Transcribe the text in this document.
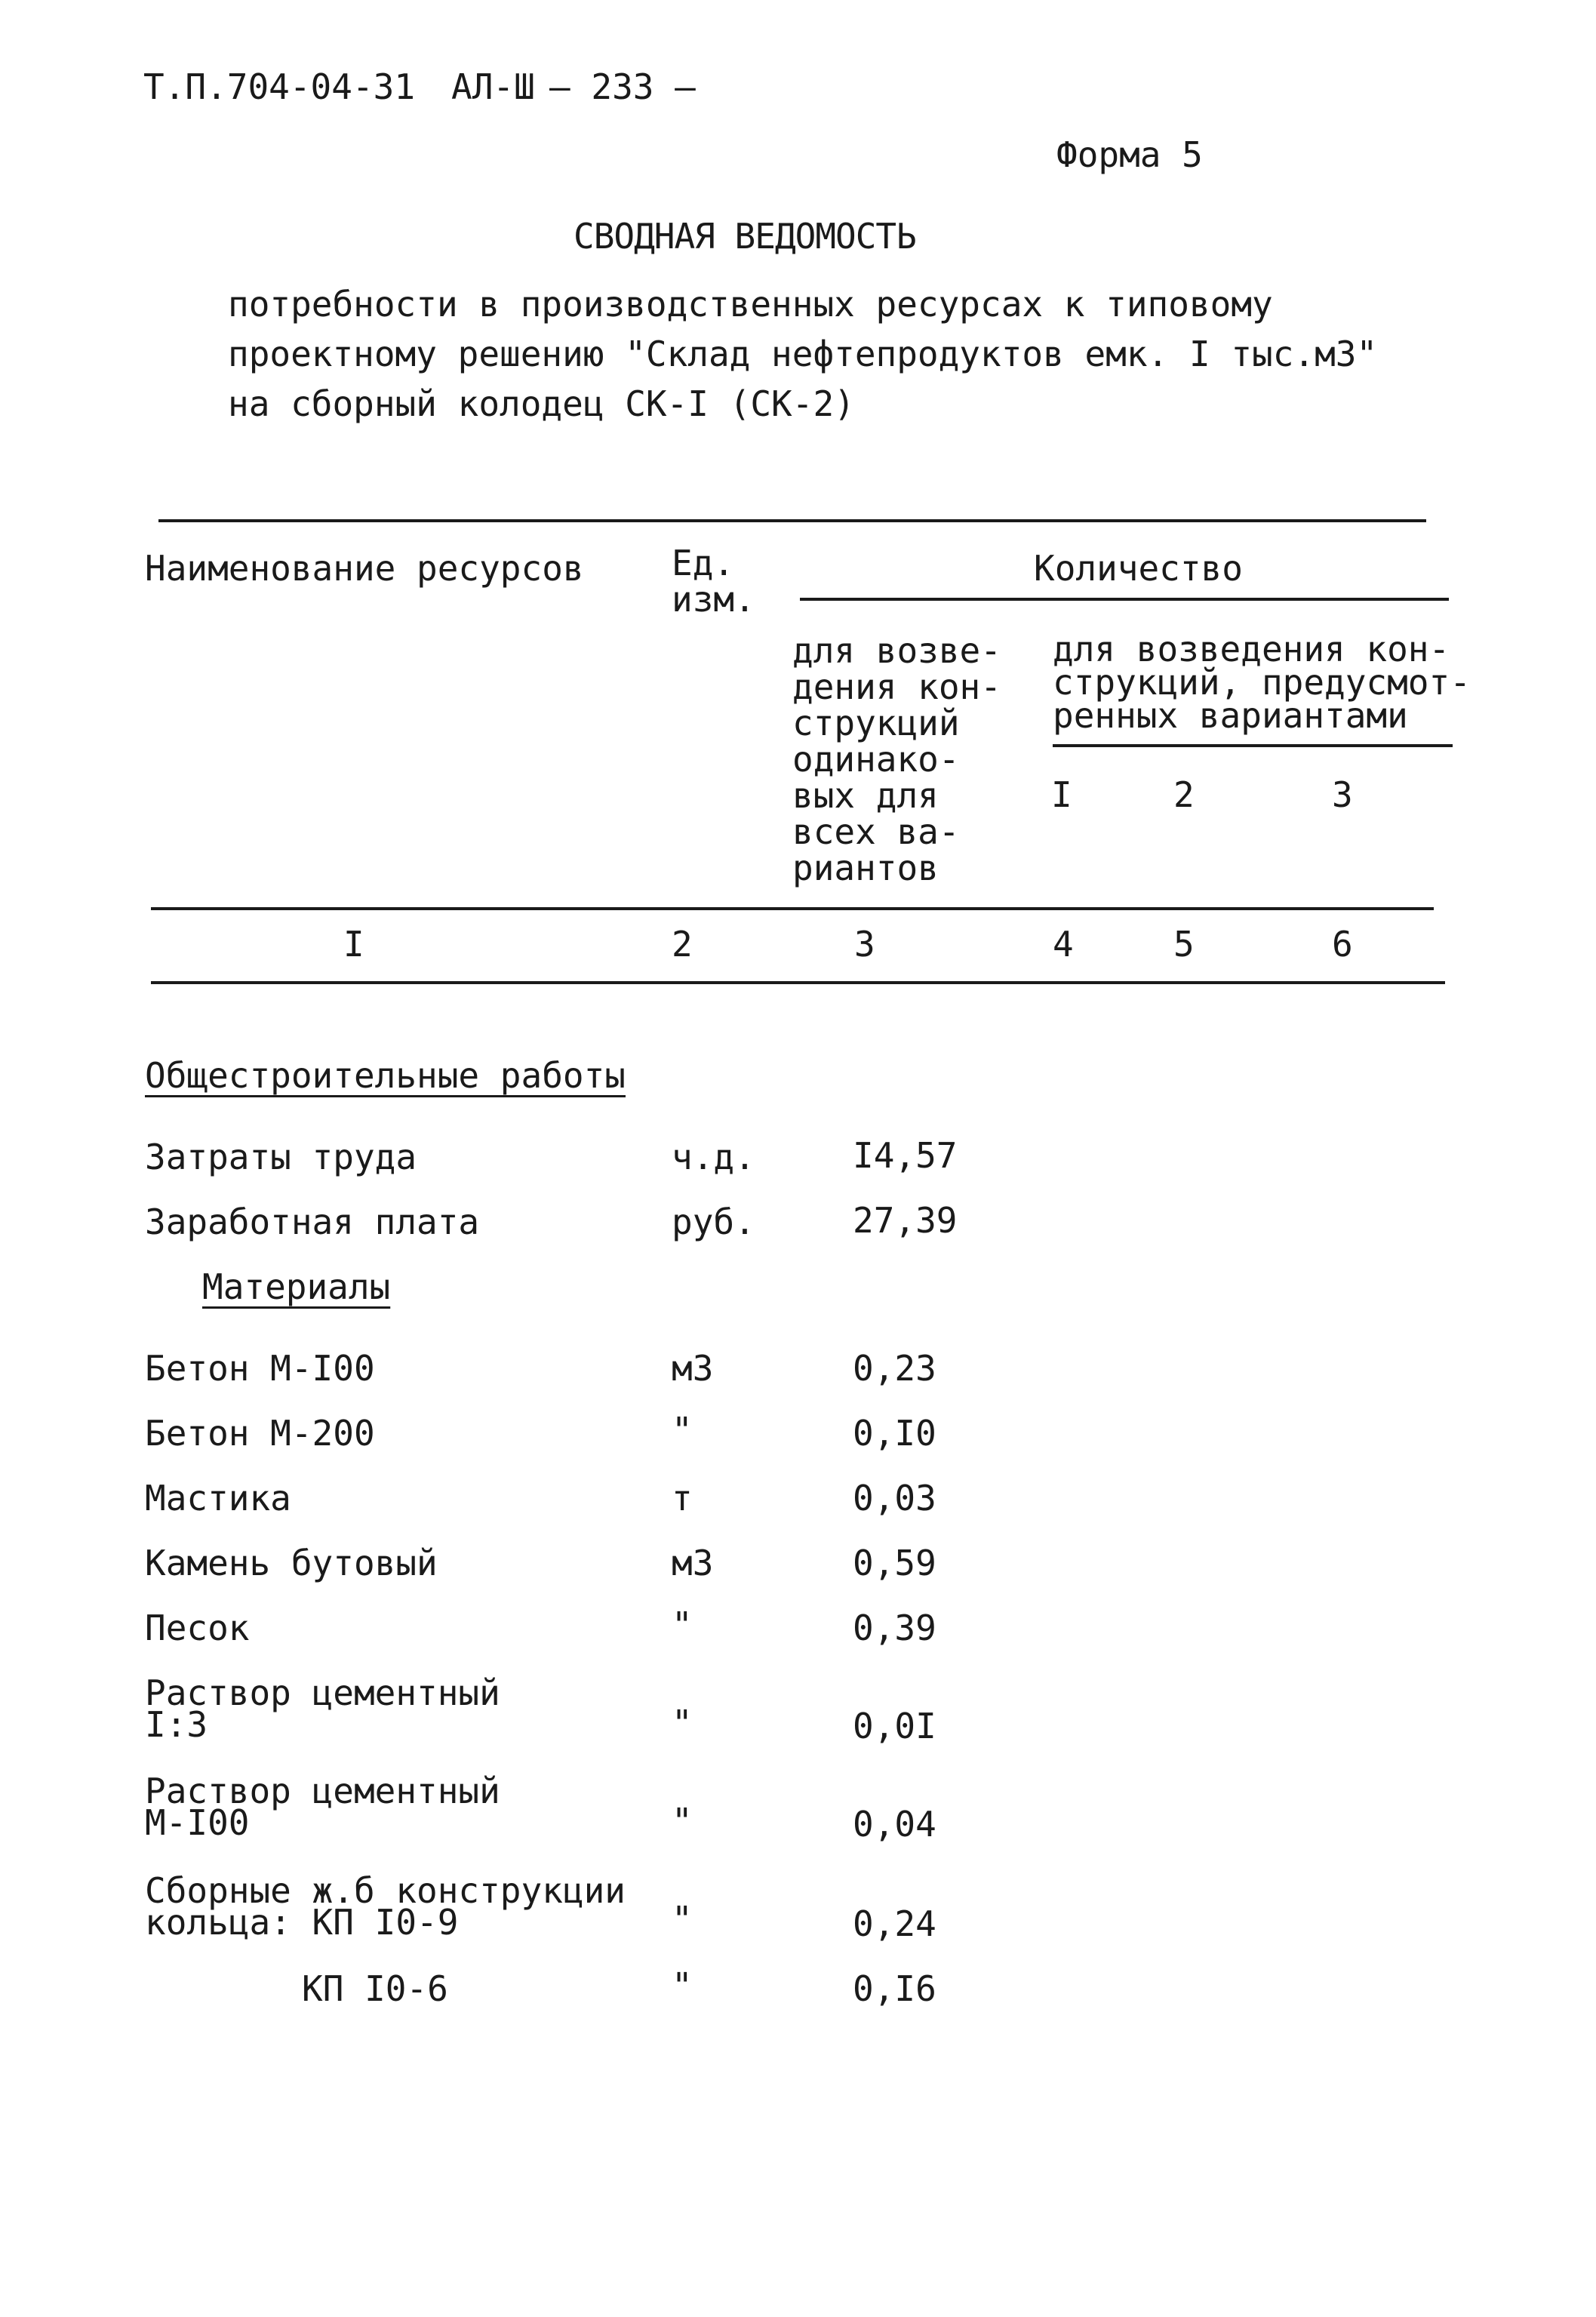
Т.П.704-04-31 АЛ-Ш — 233 —
Форма 5
СВОДНАЯ ВЕДОМОСТЬ
потребности в производственных ресурсах к типовому
проектному решению "Склад нефтепродуктов емк. I тыс.м3"
на сборный колодец СК-I (СК-2)
Наименование ресурсов	Ед.
изм.
Количество
для возве-
дения кон-
струкций
одинако-
вых для
всех ва-
риантов
для возведения кон-
струкций, предусмот-
ренных вариантами
I	2	3
I	2	3	4	5	6
Общестроительные работы
Затраты труда	ч.д.	I4,57
Заработная плата	руб.	27,39
Материалы
Бетон М-I00	м3	0,23
Бетон М-200	"	0,I0
Мастика	т	0,03
Камень бутовый	м3	0,59
Песок	"	0,39
Раствор цементный
I:3	"	0,0I
Раствор цементный
М-I00	"	0,04
Сборные ж.б конструкции
кольца: КП I0-9	"	0,24
КП I0-6	"	0,I6
